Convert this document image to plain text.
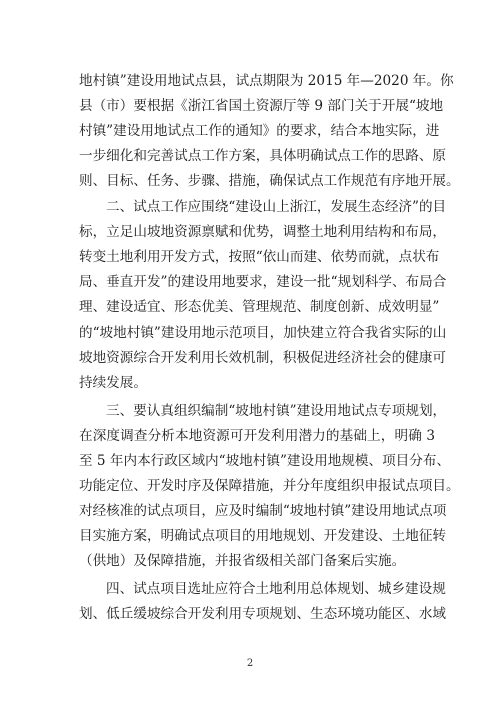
地村镇”建设用地试点县，试点期限为 2015 年—2020 年。你
县（市）要根据《浙江省国土资源厅等 9 部门关于开展“坡地
村镇”建设用地试点工作的通知》的要求，结合本地实际，进
一步细化和完善试点工作方案，具体明确试点工作的思路、原
则、目标、任务、步骤、措施，确保试点工作规范有序地开展。
二、试点工作应围绕“建设山上浙江，发展生态经济”的目
标，立足山坡地资源禀赋和优势，调整土地利用结构和布局，
转变土地利用开发方式，按照“依山而建、依势而就，点状布
局、垂直开发”的建设用地要求，建设一批“规划科学、布局合
理、建设适宜、形态优美、管理规范、制度创新、成效明显”
的“坡地村镇”建设用地示范项目，加快建立符合我省实际的山
坡地资源综合开发利用长效机制，积极促进经济社会的健康可
持续发展。
三、要认真组织编制“坡地村镇”建设用地试点专项规划，
在深度调查分析本地资源可开发利用潜力的基础上，明确 3
至 5 年内本行政区域内“坡地村镇”建设用地规模、项目分布、
功能定位、开发时序及保障措施，并分年度组织申报试点项目。
对经核准的试点项目，应及时编制“坡地村镇”建设用地试点项
目实施方案，明确试点项目的用地规划、开发建设、土地征转
（供地）及保障措施，并报省级相关部门备案后实施。
四、试点项目选址应符合土地利用总体规划、城乡建设规
划、低丘缓坡综合开发利用专项规划、生态环境功能区、水域
2
